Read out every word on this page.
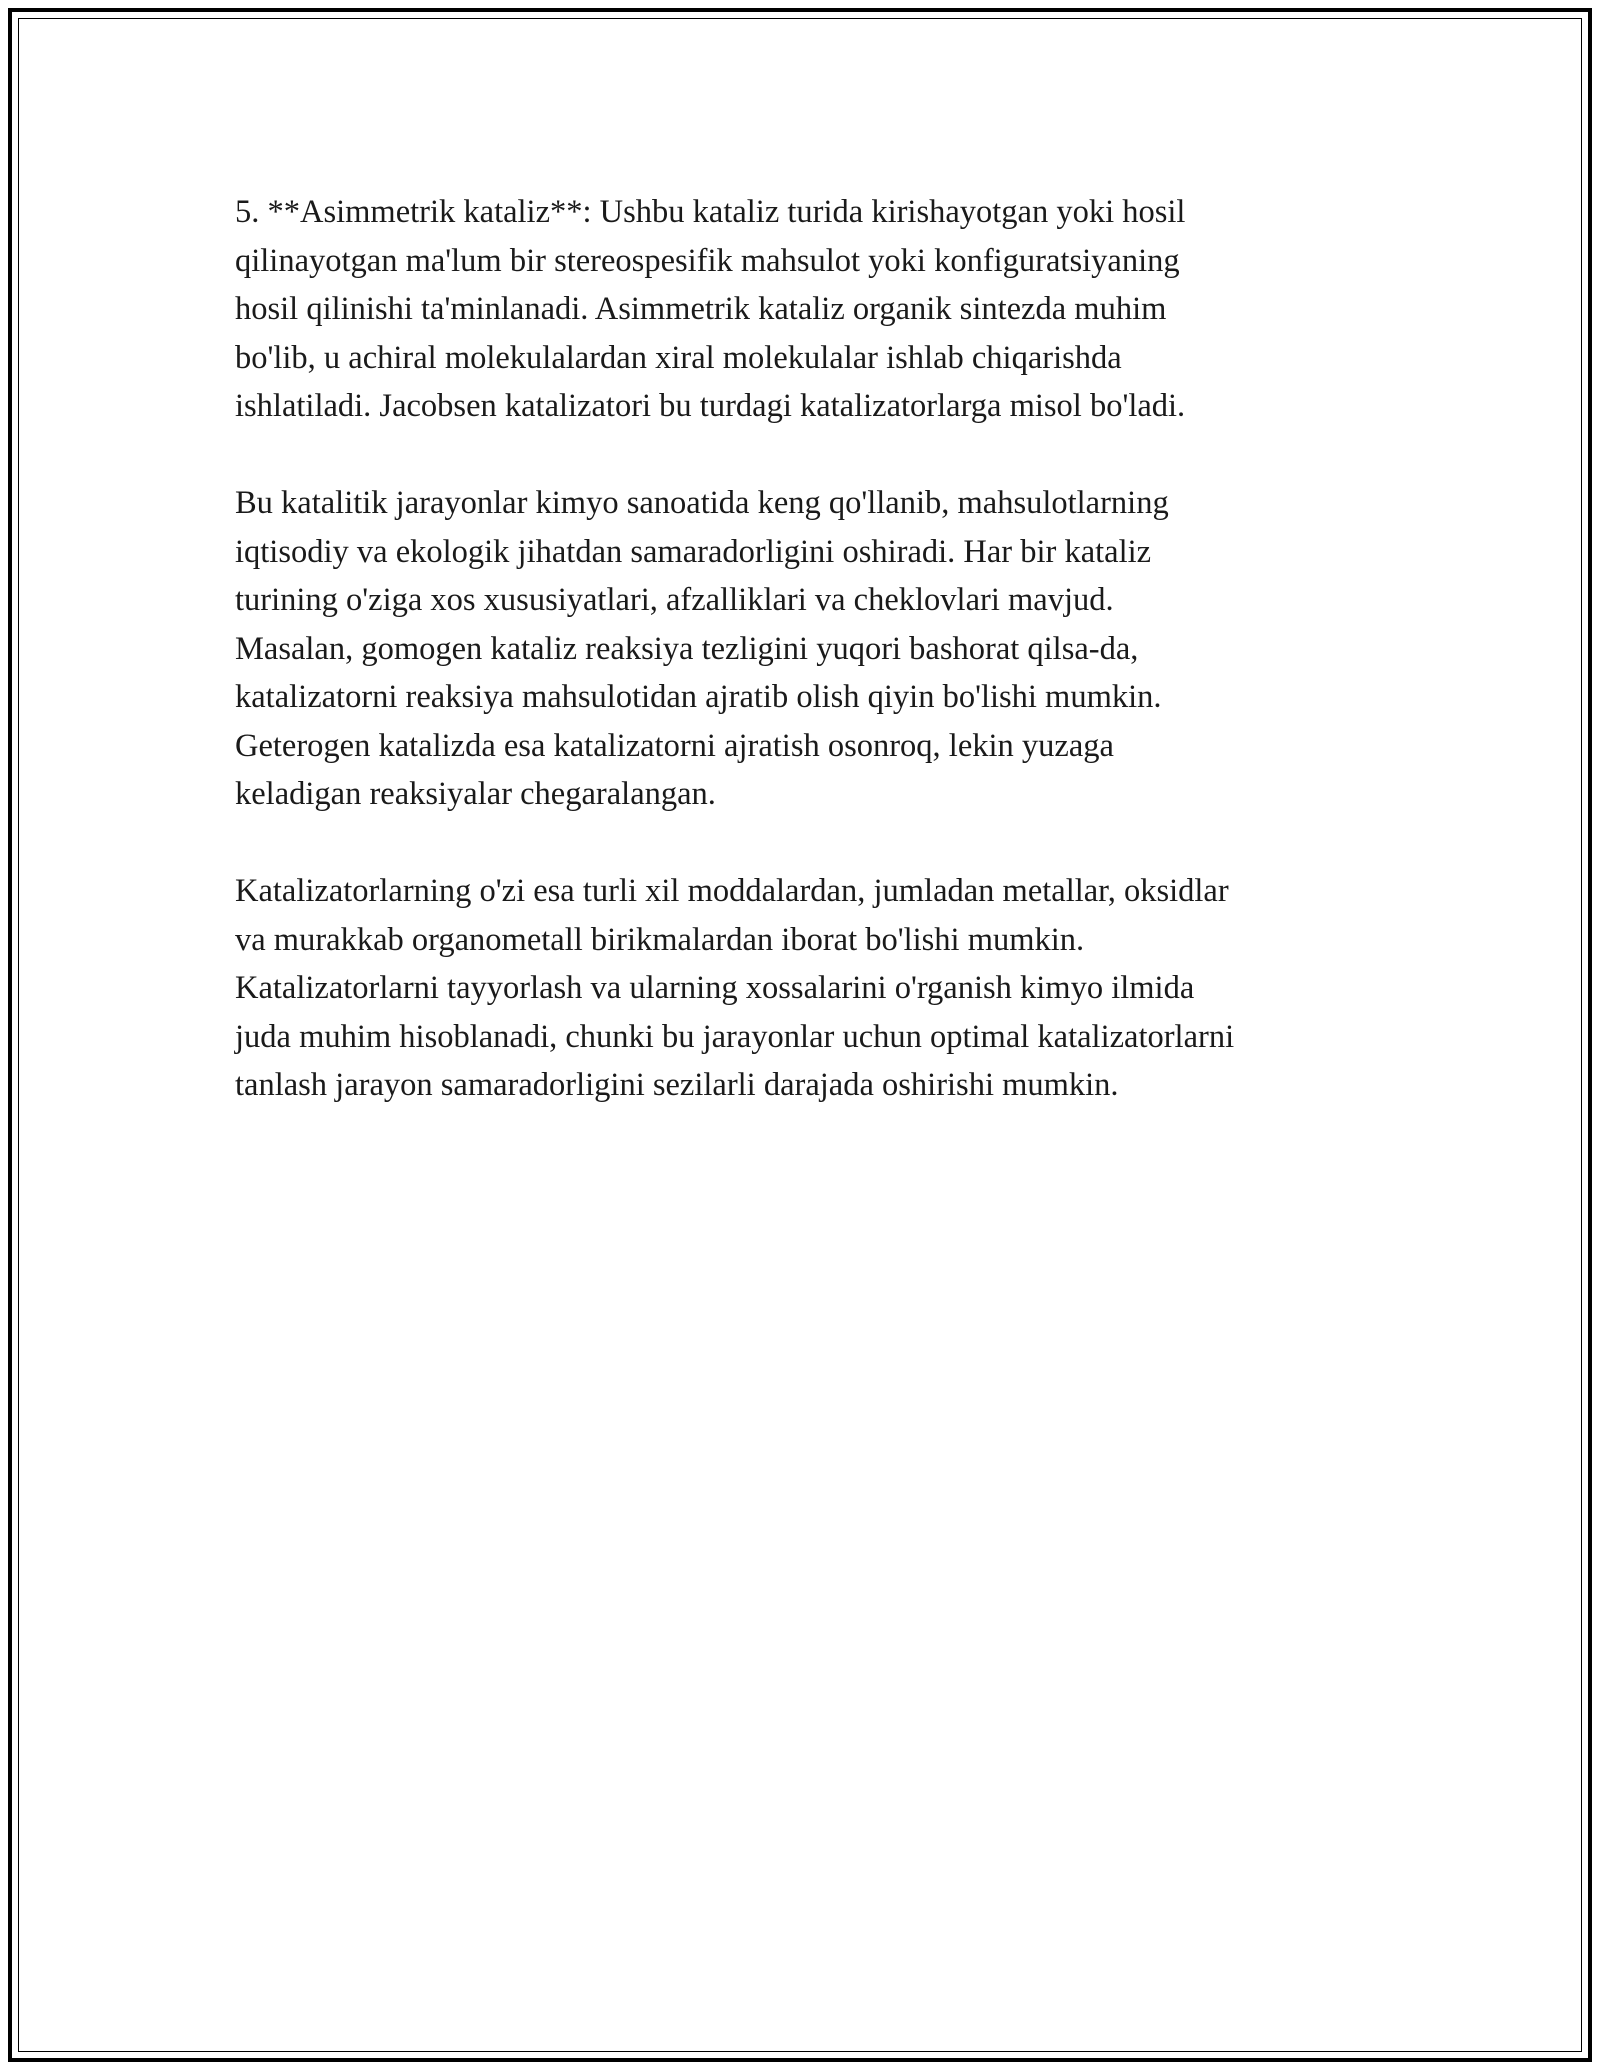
5. **Asimmetrik kataliz**: Ushbu kataliz turida kirishayotgan yoki hosil
qilinayotgan ma'lum bir stereospesifik mahsulot yoki konfiguratsiyaning
hosil qilinishi ta'minlanadi. Asimmetrik kataliz organik sintezda muhim
bo'lib, u achiral molekulalardan xiral molekulalar ishlab chiqarishda
ishlatiladi. Jacobsen katalizatori bu turdagi katalizatorlarga misol bo'ladi.

Bu katalitik jarayonlar kimyo sanoatida keng qo'llanib, mahsulotlarning
iqtisodiy va ekologik jihatdan samaradorligini oshiradi. Har bir kataliz
turining o'ziga xos xususiyatlari, afzalliklari va cheklovlari mavjud.
Masalan, gomogen kataliz reaksiya tezligini yuqori bashorat qilsa-da,
katalizatorni reaksiya mahsulotidan ajratib olish qiyin bo'lishi mumkin.
Geterogen katalizda esa katalizatorni ajratish osonroq, lekin yuzaga
keladigan reaksiyalar chegaralangan.

Katalizatorlarning o'zi esa turli xil moddalardan, jumladan metallar, oksidlar
va murakkab organometall birikmalardan iborat bo'lishi mumkin.
Katalizatorlarni tayyorlash va ularning xossalarini o'rganish kimyo ilmida
juda muhim hisoblanadi, chunki bu jarayonlar uchun optimal katalizatorlarni
tanlash jarayon samaradorligini sezilarli darajada oshirishi mumkin.
